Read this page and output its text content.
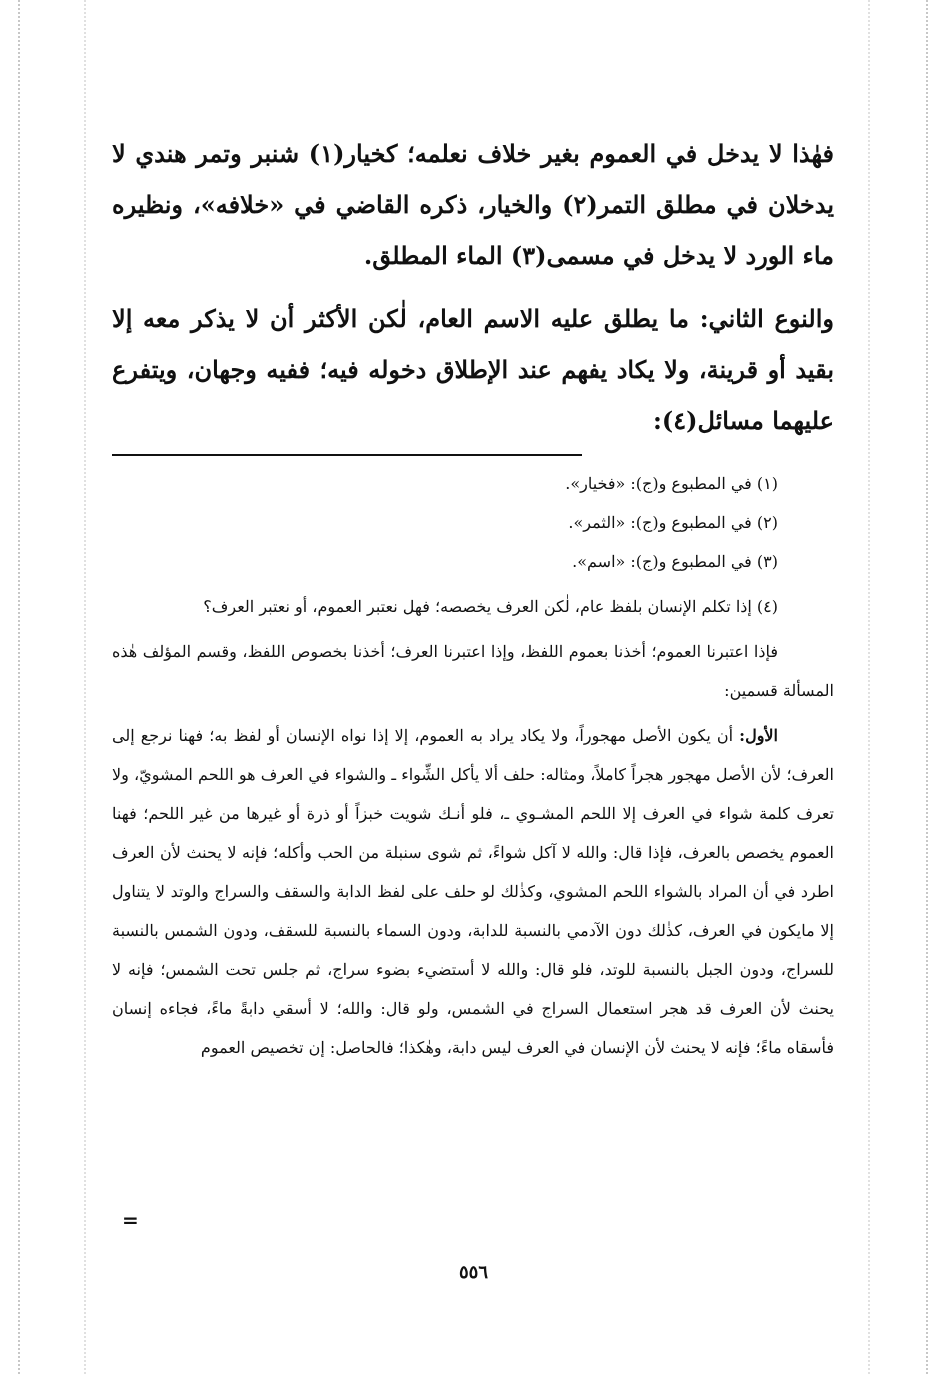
فهٰذا لا يدخل في العموم بغير خلاف نعلمه؛ كخيار(١) شنبر وتمر هندي لا يدخلان في مطلق التمر(٢) والخيار، ذكره القاضي في «خلافه»، ونظيره ماء الورد لا يدخل في مسمى(٣) الماء المطلق.

والنوع الثاني: ما يطلق عليه الاسم العام، لٰكن الأكثر أن لا يذكر معه إلا بقيد أو قرينة، ولا يكاد يفهم عند الإطلاق دخوله فيه؛ ففيه وجهان، ويتفرع عليهما مسائل(٤):

(١) في المطبوع و(ج): «فخيار».

(٢) في المطبوع و(ج): «الثمر».

(٣) في المطبوع و(ج): «اسم».

(٤) إذا تكلم الإنسان بلفظ عام، لٰكن العرف يخصصه؛ فهل نعتبر العموم، أو نعتبر العرف؟

فإذا اعتبرنا العموم؛ أخذنا بعموم اللفظ، وإذا اعتبرنا العرف؛ أخذنا بخصوص اللفظ، وقسم المؤلف هٰذه المسألة قسمين:

الأول: أن يكون الأصل مهجوراً، ولا يكاد يراد به العموم، إلا إذا نواه الإنسان أو لفظ به؛ فهنا نرجع إلى العرف؛ لأن الأصل مهجور هجراً كاملاً، ومثاله: حلف ألا يأكل الشِّواء ـ والشواء في العرف هو اللحم المشويّ، ولا تعرف كلمة شواء في العرف إلا اللحم المشـوي ـ، فلو أنـك شويت خبزاً أو ذرة أو غيرها من غير اللحم؛ فهنا العموم يخصص بالعرف، فإذا قال: والله لا آكل شواءً، ثم شوى سنبلة من الحب وأكله؛ فإنه لا يحنث لأن العرف اطرد في أن المراد بالشواء اللحم المشوي، وكذٰلك لو حلف على لفظ الدابة والسقف والسراج والوتد لا يتناول إلا مايكون في العرف، كذٰلك دون الآدمي بالنسبة للدابة، ودون السماء بالنسبة للسقف، ودون الشمس بالنسبة للسراج، ودون الجبل بالنسبة للوتد، فلو قال: والله لا أستضيء بضوء سراج، ثم جلس تحت الشمس؛ فإنه لا يحنث لأن العرف قد هجر استعمال السراج في الشمس، ولو قال: والله؛ لا أسقي دابةً ماءً، فجاءه إنسان فأسقاه ماءً؛ فإنه لا يحنث لأن الإنسان في العرف ليس دابة، وهٰكذا؛ فالحاصل: إن تخصيص العموم

=
٥٥٦
